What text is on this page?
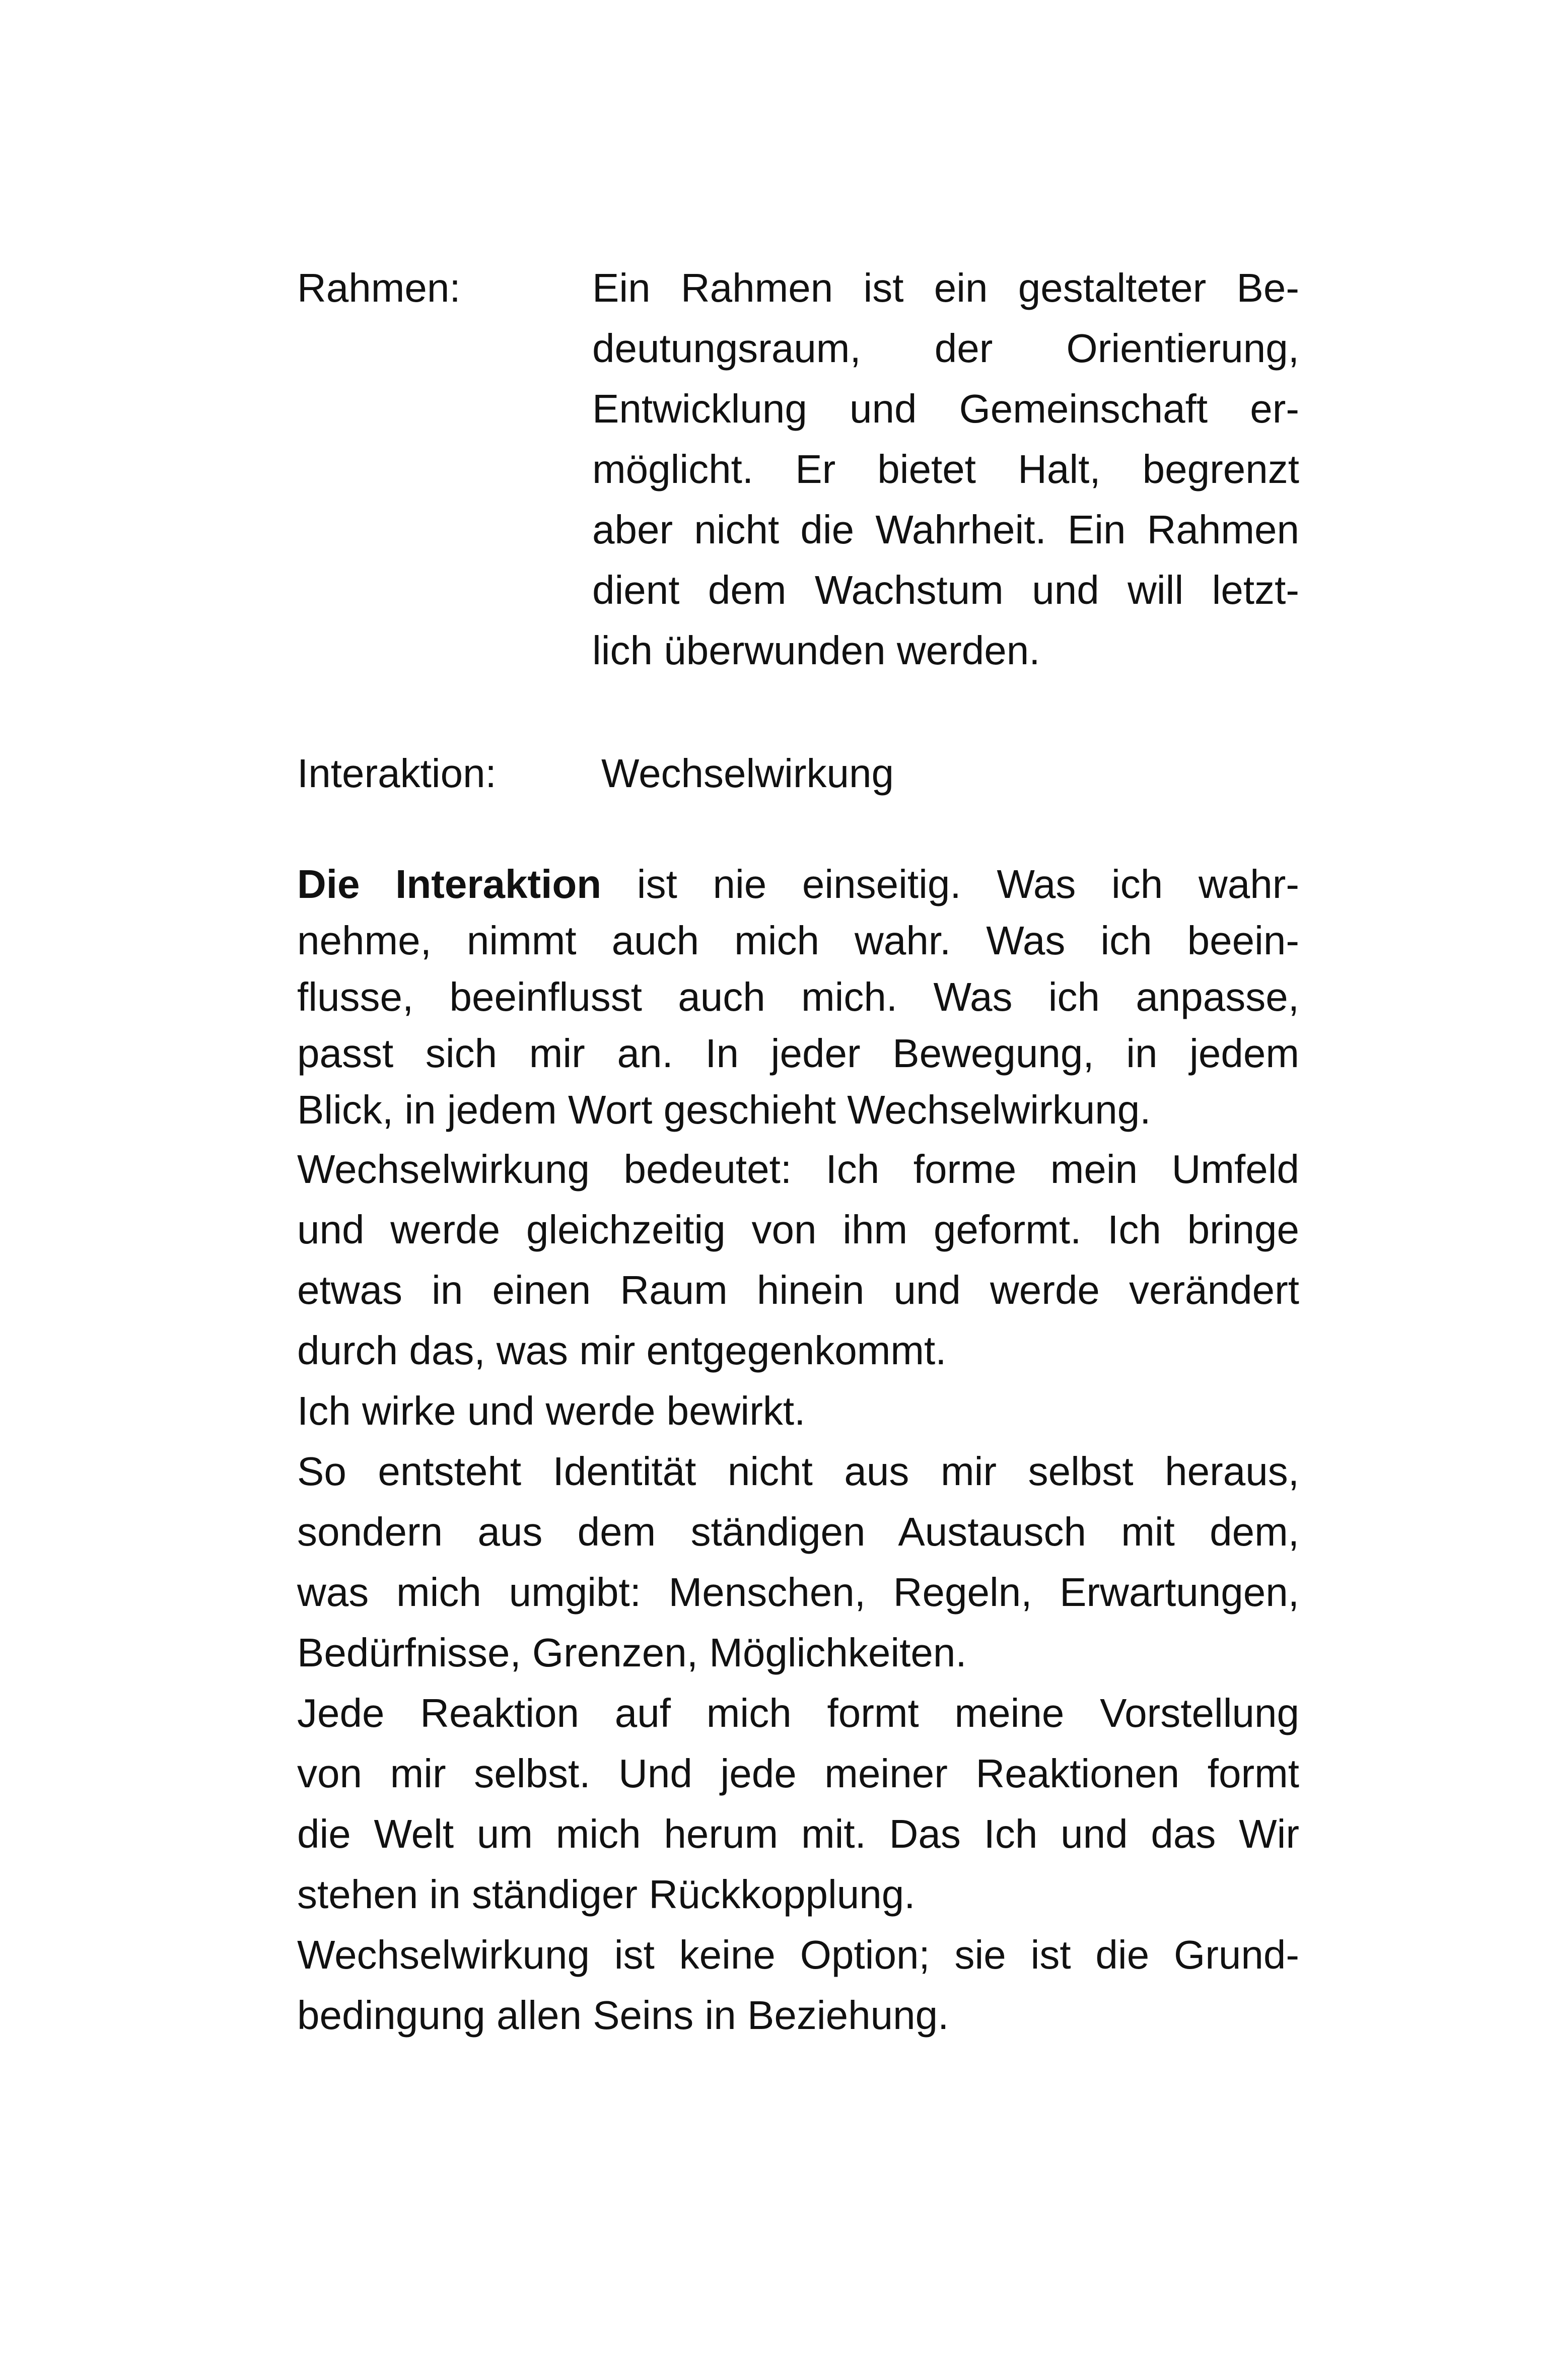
Rahmen:	Ein Rahmen ist ein gestalteter Be-
deutungsraum, der Orientierung,
Entwicklung und Gemeinschaft er-
möglicht. Er bietet Halt, begrenzt
aber nicht die Wahrheit. Ein Rahmen
dient dem Wachstum und will letzt-
lich überwunden werden.
Interaktion:	Wechselwirkung
Die Interaktion ist nie einseitig. Was ich wahr-
nehme, nimmt auch mich wahr. Was ich beein-
flusse, beeinflusst auch mich. Was ich anpasse,
passt sich mir an. In jeder Bewegung, in jedem
Blick, in jedem Wort geschieht Wechselwirkung.
Wechselwirkung bedeutet: Ich forme mein Umfeld
und werde gleichzeitig von ihm geformt. Ich bringe
etwas in einen Raum hinein und werde verändert
durch das, was mir entgegenkommt.
Ich wirke und werde bewirkt.
So entsteht Identität nicht aus mir selbst heraus,
sondern aus dem ständigen Austausch mit dem,
was mich umgibt: Menschen, Regeln, Erwartungen,
Bedürfnisse, Grenzen, Möglichkeiten.
Jede Reaktion auf mich formt meine Vorstellung
von mir selbst. Und jede meiner Reaktionen formt
die Welt um mich herum mit. Das Ich und das Wir
stehen in ständiger Rückkopplung.
Wechselwirkung ist keine Option; sie ist die Grund-
bedingung allen Seins in Beziehung.
